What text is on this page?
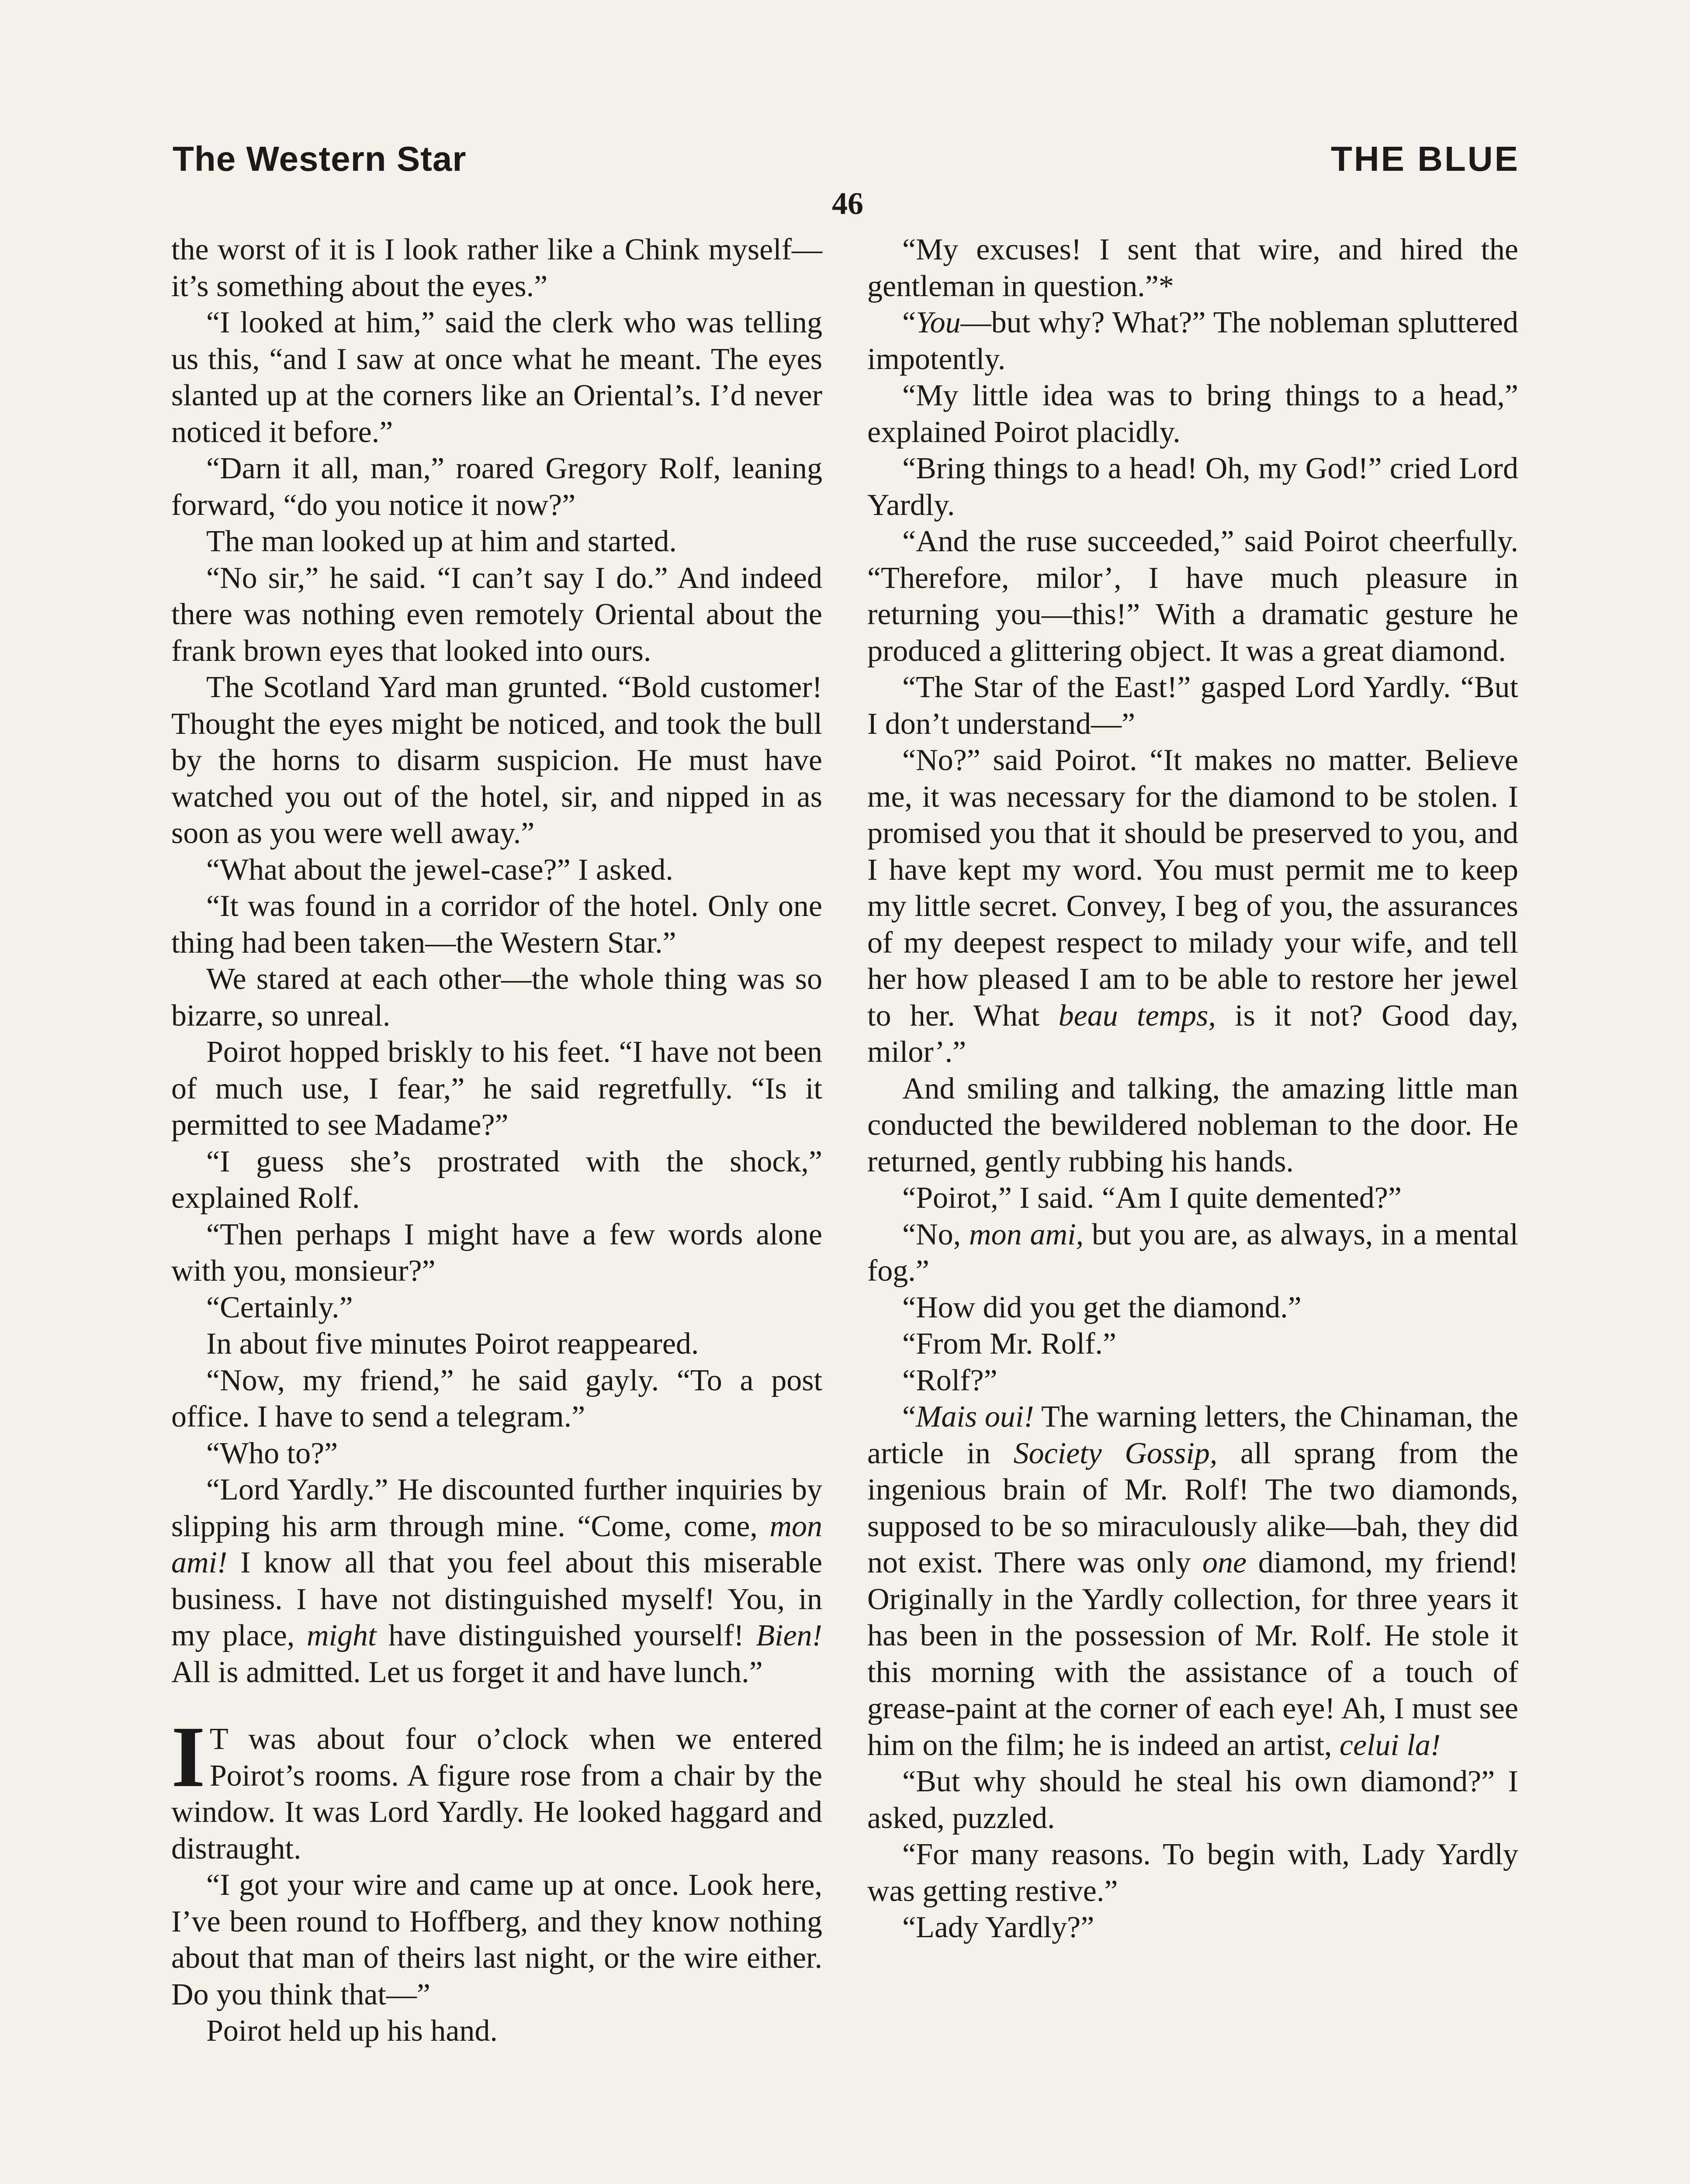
The Western Star	THE BLUE
46

the worst of it is I look rather like a Chink myself—it’s something about the eyes.”

“I looked at him,” said the clerk who was telling us this, “and I saw at once what he meant. The eyes slanted up at the corners like an Oriental’s. I’d never noticed it before.”

“Darn it all, man,” roared Gregory Rolf, leaning forward, “do you notice it now?”

The man looked up at him and started.

“No sir,” he said. “I can’t say I do.” And indeed there was nothing even remotely Oriental about the frank brown eyes that looked into ours.

The Scotland Yard man grunted. “Bold customer! Thought the eyes might be noticed, and took the bull by the horns to disarm suspicion. He must have watched you out of the hotel, sir, and nipped in as soon as you were well away.”

“What about the jewel-case?” I asked.

“It was found in a corridor of the hotel. Only one thing had been taken—the Western Star.”

We stared at each other—the whole thing was so bizarre, so unreal.

Poirot hopped briskly to his feet. “I have not been of much use, I fear,” he said regretfully. “Is it permitted to see Madame?”

“I guess she’s prostrated with the shock,” explained Rolf.

“Then perhaps I might have a few words alone with you, monsieur?”

“Certainly.”

In about five minutes Poirot reappeared.

“Now, my friend,” he said gayly. “To a post office. I have to send a telegram.”

“Who to?”

“Lord Yardly.” He discounted further inquiries by slipping his arm through mine. “Come, come, mon ami! I know all that you feel about this miserable business. I have not distinguished myself! You, in my place, might have distinguished yourself! Bien! All is admitted. Let us forget it and have lunch.”

I T was about four o’clock when we entered Poirot’s rooms. A figure rose from a chair by the window. It was Lord Yardly. He looked haggard and distraught.

“I got your wire and came up at once. Look here, I’ve been round to Hoffberg, and they know nothing about that man of theirs last night, or the wire either. Do you think that—”

Poirot held up his hand.

“My excuses! I sent that wire, and hired the gentleman in question.”*

“You—but why? What?” The nobleman spluttered impotently.

“My little idea was to bring things to a head,” explained Poirot placidly.

“Bring things to a head! Oh, my God!” cried Lord Yardly.

“And the ruse succeeded,” said Poirot cheerfully. “Therefore, milor’, I have much pleasure in returning you—this!” With a dramatic gesture he produced a glittering object. It was a great diamond.

“The Star of the East!” gasped Lord Yardly. “But I don’t understand—”

“No?” said Poirot. “It makes no matter. Believe me, it was necessary for the diamond to be stolen. I promised you that it should be preserved to you, and I have kept my word. You must permit me to keep my little secret. Convey, I beg of you, the assurances of my deepest respect to milady your wife, and tell her how pleased I am to be able to restore her jewel to her. What beau temps, is it not? Good day, milor’.”

And smiling and talking, the amazing little man conducted the bewildered nobleman to the door. He returned, gently rubbing his hands.

“Poirot,” I said. “Am I quite demented?”

“No, mon ami, but you are, as always, in a mental fog.”

“How did you get the diamond.”

“From Mr. Rolf.”

“Rolf?”

“Mais oui! The warning letters, the Chinaman, the article in Society Gossip, all sprang from the ingenious brain of Mr. Rolf! The two diamonds, supposed to be so miraculously alike—bah, they did not exist. There was only one diamond, my friend! Originally in the Yardly collection, for three years it has been in the possession of Mr. Rolf. He stole it this morning with the assistance of a touch of grease-paint at the corner of each eye! Ah, I must see him on the film; he is indeed an artist, celui la!

“But why should he steal his own diamond?” I asked, puzzled.

“For many reasons. To begin with, Lady Yardly was getting restive.”

“Lady Yardly?”
